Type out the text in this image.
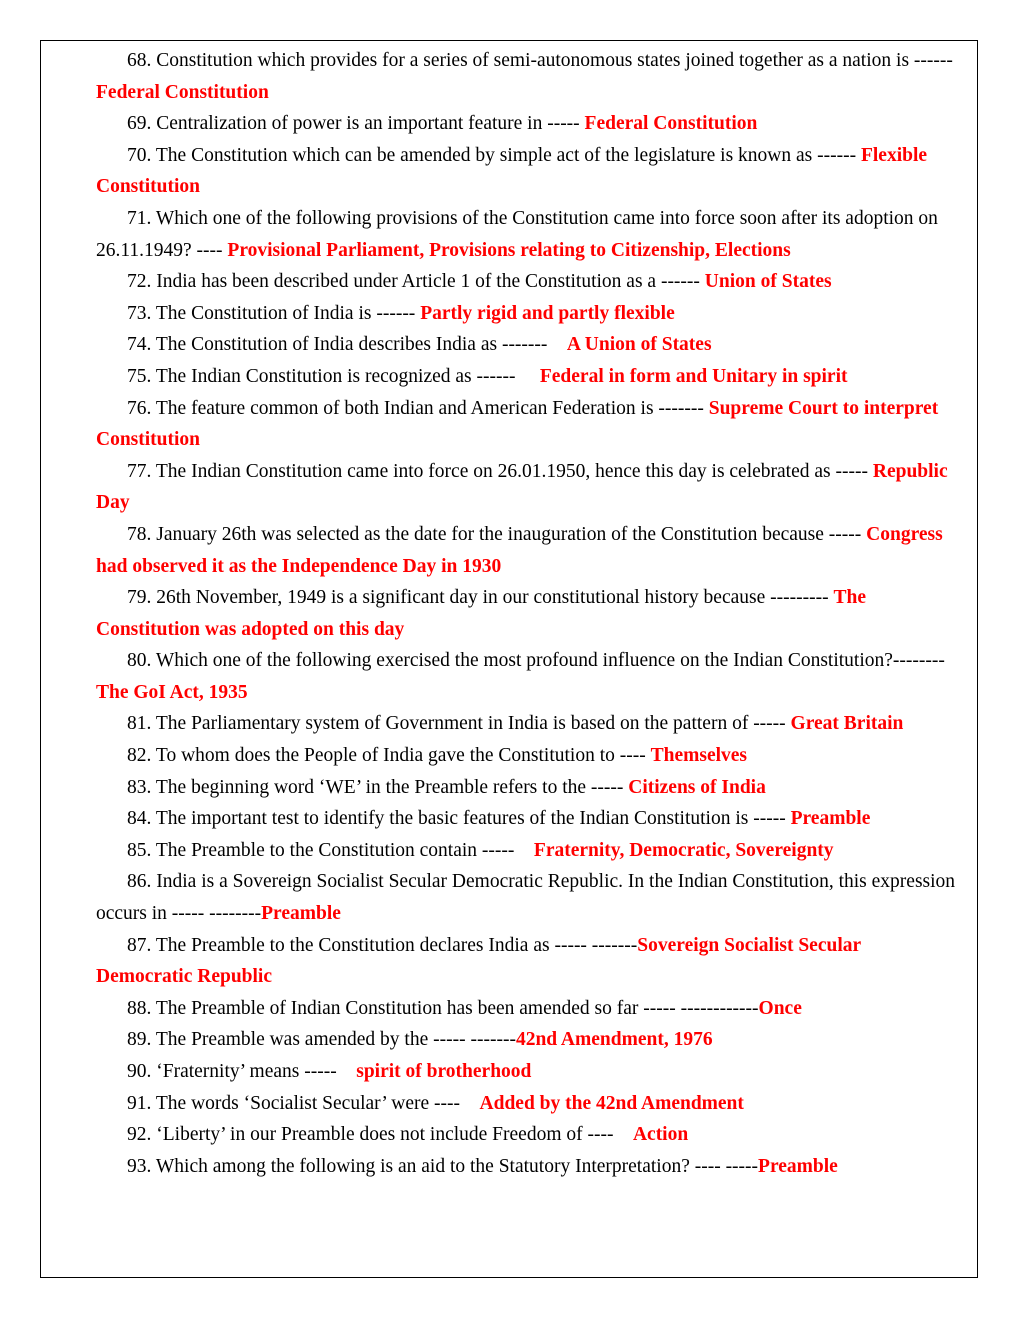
68. Constitution which provides for a series of semi-autonomous states joined together as a nation is ------ Federal Constitution

69. Centralization of power is an important feature in ----- Federal Constitution

70. The Constitution which can be amended by simple act of the legislature is known as ------ Flexible Constitution

71. Which one of the following provisions of the Constitution came into force soon after its adoption on 26.11.1949? ---- Provisional Parliament, Provisions relating to Citizenship, Elections

72. India has been described under Article 1 of the Constitution as a ------ Union of States

73. The Constitution of India is ------ Partly rigid and partly flexible

74. The Constitution of India describes India as -------    A Union of States

75. The Indian Constitution is recognized as ------     Federal in form and Unitary in spirit

76. The feature common of both Indian and American Federation is ------- Supreme Court to interpret Constitution

77. The Indian Constitution came into force on 26.01.1950, hence this day is celebrated as ----- Republic Day

78. January 26th was selected as the date for the inauguration of the Constitution because ----- Congress had observed it as the Independence Day in 1930

79. 26th November, 1949 is a significant day in our constitutional history because --------- The Constitution was adopted on this day

80. Which one of the following exercised the most profound influence on the Indian Constitution?--------The GoI Act, 1935

81. The Parliamentary system of Government in India is based on the pattern of ----- Great Britain

82. To whom does the People of India gave the Constitution to ---- Themselves

83. The beginning word ‘WE’ in the Preamble refers to the ----- Citizens of India

84. The important test to identify the basic features of the Indian Constitution is ----- Preamble

85. The Preamble to the Constitution contain -----    Fraternity, Democratic, Sovereignty

86. India is a Sovereign Socialist Secular Democratic Republic. In the Indian Constitution, this expression occurs in ----- --------Preamble

87. The Preamble to the Constitution declares India as ----- -------Sovereign Socialist Secular Democratic Republic

88. The Preamble of Indian Constitution has been amended so far ----- ------------Once

89. The Preamble was amended by the ----- -------42nd Amendment, 1976

90. ‘Fraternity’ means -----    spirit of brotherhood

91. The words ‘Socialist Secular’ were ----    Added by the 42nd Amendment

92. ‘Liberty’ in our Preamble does not include Freedom of ----    Action

93. Which among the following is an aid to the Statutory Interpretation? ---- -----Preamble
